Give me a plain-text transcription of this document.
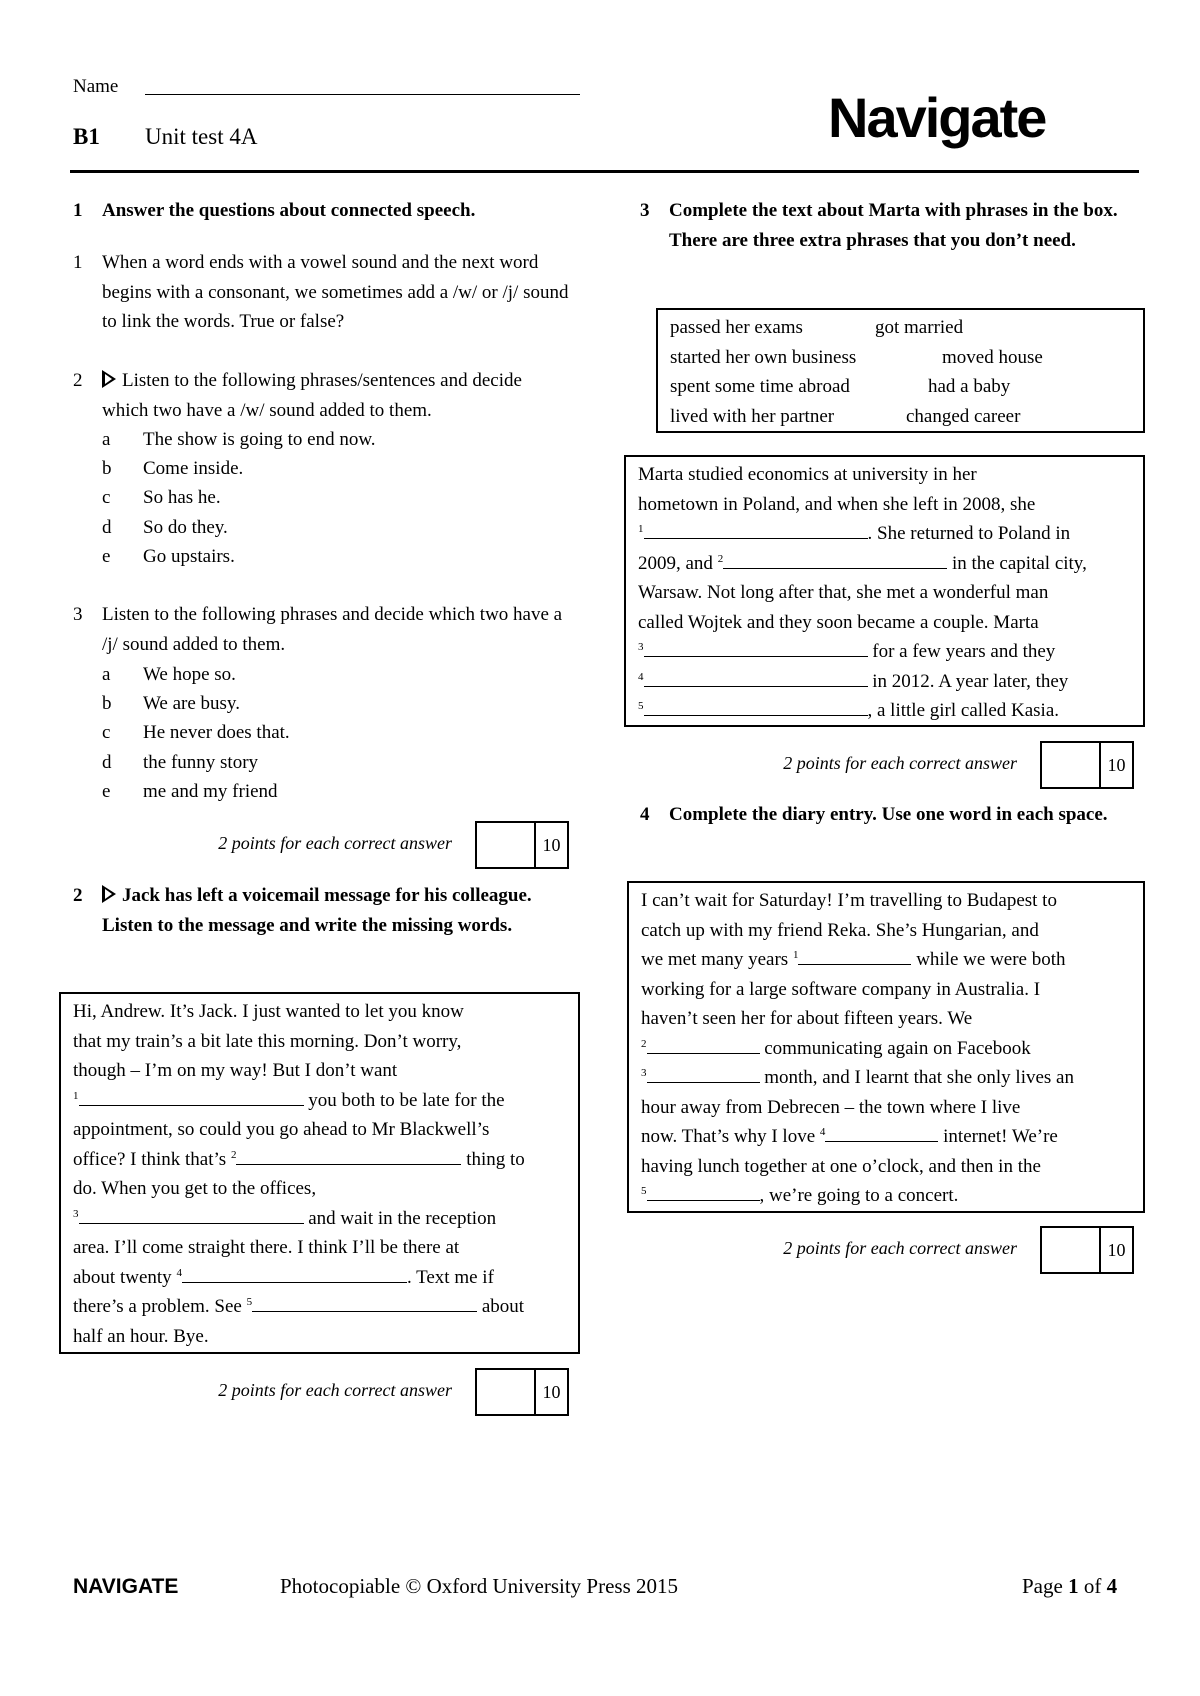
Name
B1 Unit test 4A	Navigate
1 Answer the questions about connected speech.
1 When a word ends with a vowel sound and the next word begins with a consonant, we sometimes add a /w/ or /j/ sound to link the words. True or false?
2	Listen to the following phrases/sentences and decide which two have a /w/ sound added to them.
a The show is going to end now.
b Come inside.
c So has he.
d So do they.
e Go upstairs.
3 Listen to the following phrases and decide which two have a /j/ sound added to them.
a We hope so.
b We are busy.
c He never does that.
d the funny story
e me and my friend
2 points for each correct answer	10
2	Jack has left a voicemail message for his colleague. Listen to the message and write the missing words.
Hi, Andrew. It’s Jack. I just wanted to let you know
that my train’s a bit late this morning. Don’t worry,
though – I’m on my way! But I don’t want
$^1$	you both to be late for the
appointment, so could you go ahead to Mr Blackwell’s
office? I think that’s $^2$	thing to
do. When you get to the offices,
$^3$	and wait in the reception
area. I’ll come straight there. I think I’ll be there at
about twenty $^4$	. Text me if
there’s a problem. See $^5$	about
half an hour. Bye.
2 points for each correct answer	10
3 Complete the text about Marta with phrases in the box. There are three extra phrases that you don’t need.
passed her exams	got married
started her own business	moved house
spent some time abroad	had a baby
lived with her partner	changed career
Marta studied economics at university in her
hometown in Poland, and when she left in 2008, she
$^1$	. She returned to Poland in
2009, and $^2$	in the capital city,
Warsaw. Not long after that, she met a wonderful man
called Wojtek and they soon became a couple. Marta
$^3$	for a few years and they
$^4$	in 2012. A year later, they
$^5$	, a little girl called Kasia.
2 points for each correct answer	10
4 Complete the diary entry. Use one word in each space.
I can’t wait for Saturday! I’m travelling to Budapest to
catch up with my friend Reka. She’s Hungarian, and
we met many years $^1$	while we were both
working for a large software company in Australia. I
haven’t seen her for about fifteen years. We
$^2$	communicating again on Facebook
$^3$	month, and I learnt that she only lives an
hour away from Debrecen – the town where I live
now. That’s why I love $^4$	internet! We’re
having lunch together at one o’clock, and then in the
$^5$	, we’re going to a concert.
2 points for each correct answer	10
NAVIGATE	Photocopiable © Oxford University Press 2015	Page 1 of 4
